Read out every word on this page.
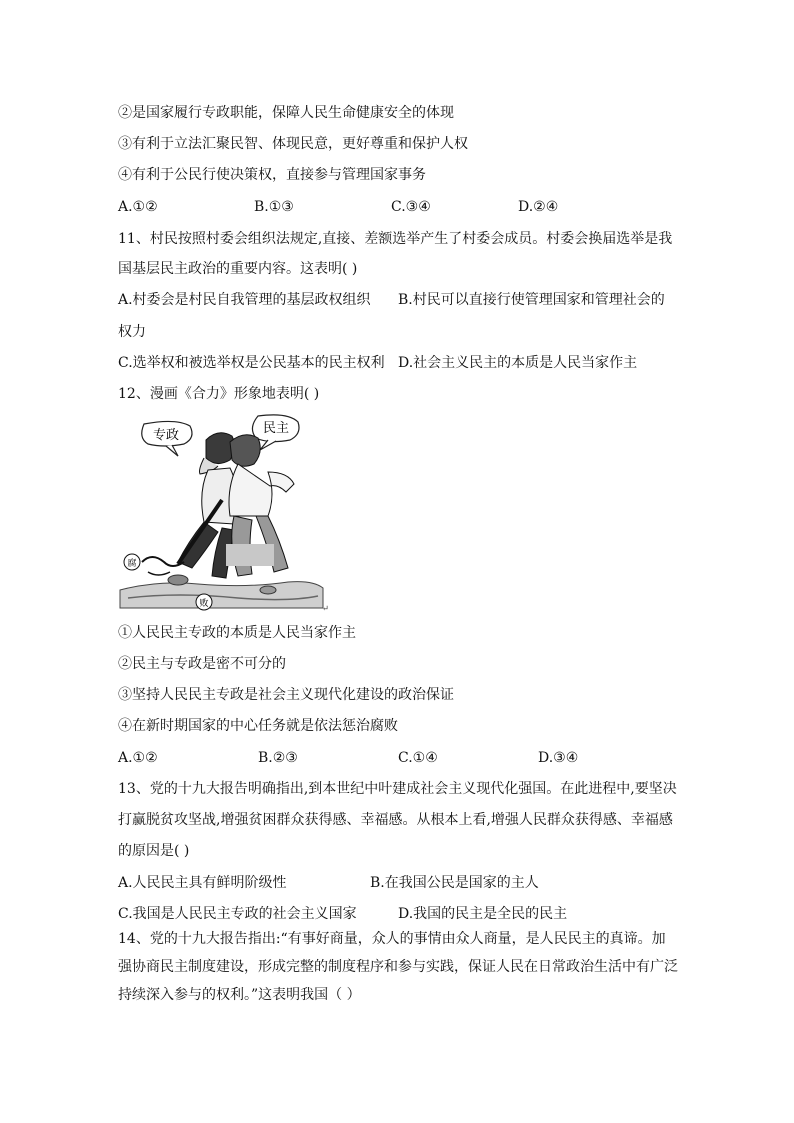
②是国家履行专政职能，保障人民生命健康安全的体现
③有利于立法汇聚民智、体现民意，更好尊重和保护人权
④有利于公民行使决策权，直接参与管理国家事务
A.①②	B.①③	C.③④	D.②④
11、村民按照村委会组织法规定,直接、差额选举产生了村委会成员。村委会换届选举是我
国基层民主政治的重要内容。这表明( )
A.村委会是村民自我管理的基层政权组织 B.村民可以直接行使管理国家和管理社会的
权力
C.选举权和被选举权是公民基本的民主权利 D.社会主义民主的本质是人民当家作主
12、漫画《合力》形象地表明( )
专政	民主
腐
败	↵
①人民民主专政的本质是人民当家作主
②民主与专政是密不可分的
③坚持人民民主专政是社会主义现代化建设的政治保证
④在新时期国家的中心任务就是依法惩治腐败
A.①②	B.②③	C.①④	D.③④
13、党的十九大报告明确指出,到本世纪中叶建成社会主义现代化强国。在此进程中,要坚决
打赢脱贫攻坚战,增强贫困群众获得感、幸福感。从根本上看,增强人民群众获得感、幸福感
的原因是( )
A.人民民主具有鲜明阶级性	B.在我国公民是国家的主人
C.我国是人民民主专政的社会主义国家	D.我国的民主是全民的民主
14、党的十九大报告指出:“有事好商量，众人的事情由众人商量，是人民民主的真谛。加
强协商民主制度建设，形成完整的制度程序和参与实践，保证人民在日常政治生活中有广泛
持续深入参与的权利。”这表明我国（ ）
